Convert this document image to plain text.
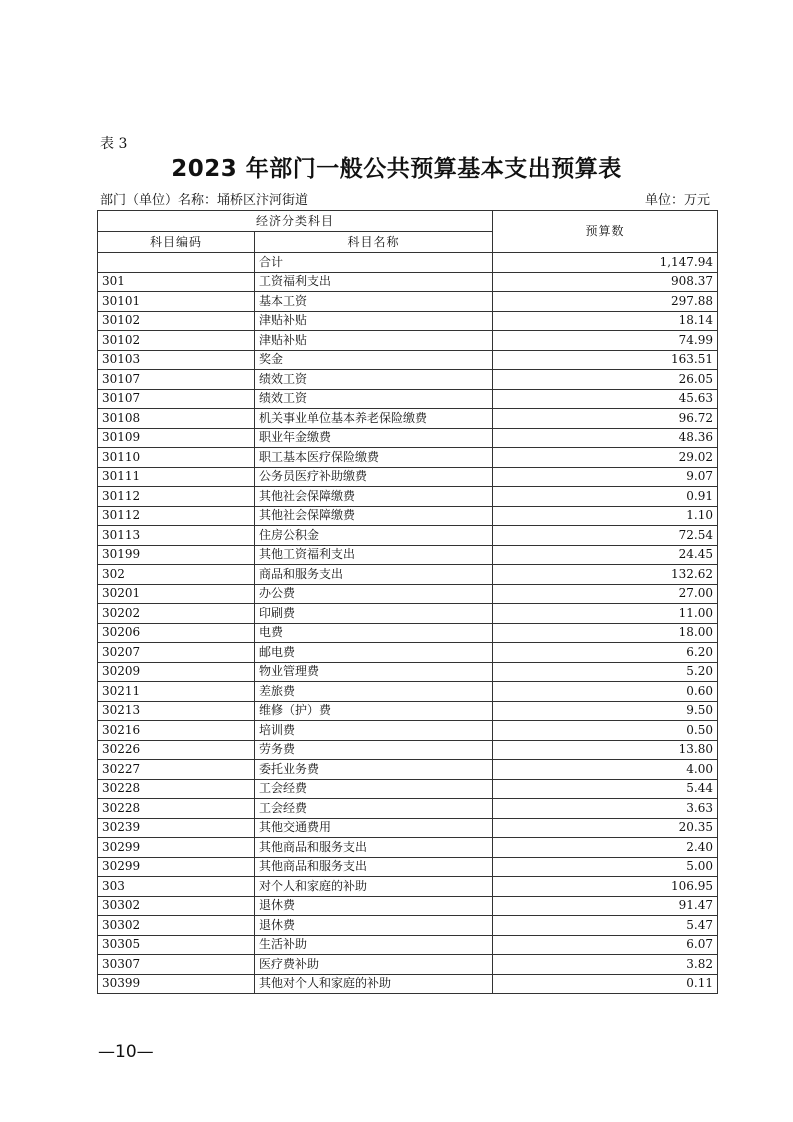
表 3
2023 年部门一般公共预算基本支出预算表
部门（单位）名称：埇桥区汴河街道	单位：万元
经济分类科目		预算数
科目编码	科目名称	
	合计	1,147.94
301	工资福利支出	908.37
30101	基本工资	297.88
30102	津贴补贴	18.14
30102	津贴补贴	74.99
30103	奖金	163.51
30107	绩效工资	26.05
30107	绩效工资	45.63
30108	机关事业单位基本养老保险缴费	96.72
30109	职业年金缴费	48.36
30110	职工基本医疗保险缴费	29.02
30111	公务员医疗补助缴费	9.07
30112	其他社会保障缴费	0.91
30112	其他社会保障缴费	1.10
30113	住房公积金	72.54
30199	其他工资福利支出	24.45
302	商品和服务支出	132.62
30201	办公费	27.00
30202	印刷费	11.00
30206	电费	18.00
30207	邮电费	6.20
30209	物业管理费	5.20
30211	差旅费	0.60
30213	维修（护）费	9.50
30216	培训费	0.50
30226	劳务费	13.80
30227	委托业务费	4.00
30228	工会经费	5.44
30228	工会经费	3.63
30239	其他交通费用	20.35
30299	其他商品和服务支出	2.40
30299	其他商品和服务支出	5.00
303	对个人和家庭的补助	106.95
30302	退休费	91.47
30302	退休费	5.47
30305	生活补助	6.07
30307	医疗费补助	3.82
30399	其他对个人和家庭的补助	0.11
—10—
